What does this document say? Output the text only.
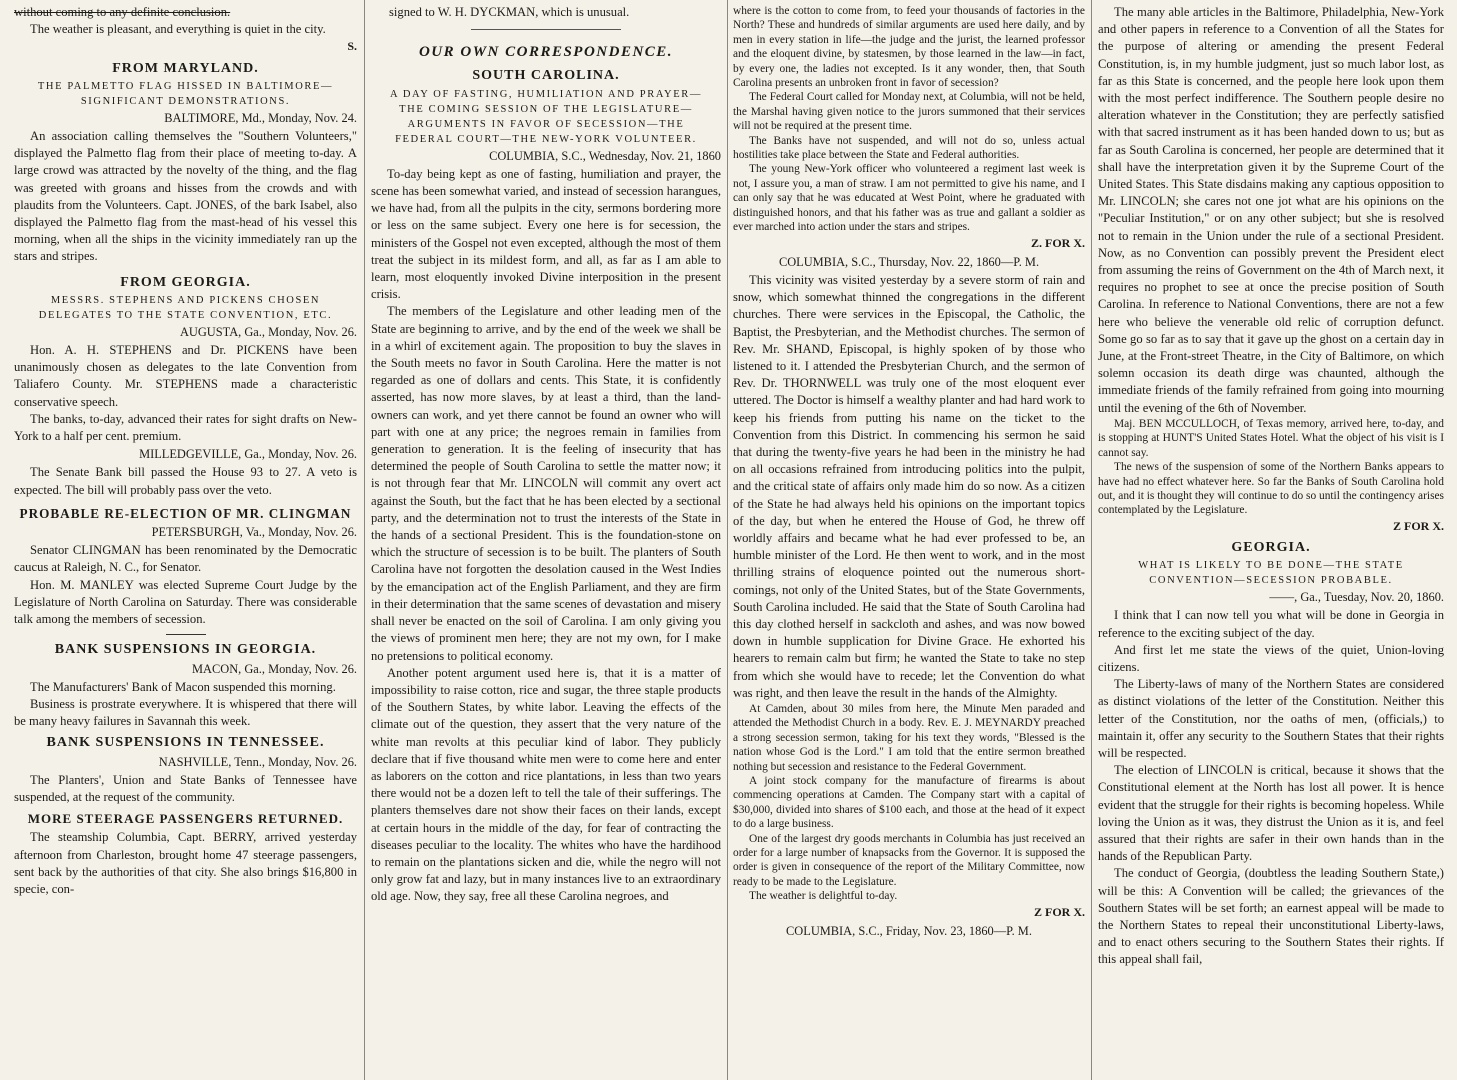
without coming to any definite conclusion.

The weather is pleasant, and everything is quiet in the city.

S.
FROM MARYLAND.
THE PALMETTO FLAG HISSED IN BALTIMORE—SIGNIFICANT DEMONSTRATIONS.
BALTIMORE, Md., Monday, Nov. 24.

An association calling themselves the "Southern Volunteers," displayed the Palmetto flag from their place of meeting to-day. A large crowd was attracted by the novelty of the thing, and the flag was greeted with groans and hisses from the crowds and with plaudits from the Volunteers. Capt. JONES, of the bark Isabel, also displayed the Palmetto flag from the mast-head of his vessel this morning, when all the ships in the vicinity immediately ran up the stars and stripes.

FROM GEORGIA.
MESSRS. STEPHENS AND PICKENS CHOSEN DELEGATES TO THE STATE CONVENTION, ETC.
AUGUSTA, Ga., Monday, Nov. 26.

Hon. A. H. STEPHENS and Dr. PICKENS have been unanimously chosen as delegates to the late Convention from Taliafero County. Mr. STEPHENS made a characteristic conservative speech.

The banks, to-day, advanced their rates for sight drafts on New-York to a half per cent. premium.

MILLEDGEVILLE, Ga., Monday, Nov. 26.

The Senate Bank bill passed the House 93 to 27. A veto is expected. The bill will probably pass over the veto.

PROBABLE RE-ELECTION OF MR. CLINGMAN
PETERSBURGH, Va., Monday, Nov. 26.

Senator CLINGMAN has been renominated by the Democratic caucus at Raleigh, N. C., for Senator.

Hon. M. MANLEY was elected Supreme Court Judge by the Legislature of North Carolina on Saturday. There was considerable talk among the members of secession.

BANK SUSPENSIONS IN GEORGIA.
MACON, Ga., Monday, Nov. 26.

The Manufacturers' Bank of Macon suspended this morning.

Business is prostrate everywhere. It is whispered that there will be many heavy failures in Savannah this week.

BANK SUSPENSIONS IN TENNESSEE.
NASHVILLE, Tenn., Monday, Nov. 26.

The Planters', Union and State Banks of Tennessee have suspended, at the request of the community.

MORE STEERAGE PASSENGERS RETURNED.

The steamship Columbia, Capt. BERRY, arrived yesterday afternoon from Charleston, brought home 47 steerage passengers, sent back by the authorities of that city. She also brings $16,800 in specie, con-

signed to W. H. DYCKMAN, which is unusual.

OUR OWN CORRESPONDENCE.
SOUTH CAROLINA.
A DAY OF FASTING, HUMILIATION AND PRAYER—THE COMING SESSION OF THE LEGISLATURE—ARGUMENTS IN FAVOR OF SECESSION—THE FEDERAL COURT—THE NEW-YORK VOLUNTEER.
COLUMBIA, S.C., Wednesday, Nov. 21, 1860

To-day being kept as one of fasting, humiliation and prayer, the scene has been somewhat varied, and instead of secession harangues, we have had, from all the pulpits in the city, sermons bordering more or less on the same subject. Every one here is for secession, the ministers of the Gospel not even excepted, although the most of them treat the subject in its mildest form, and all, as far as I am able to learn, most eloquently invoked Divine interposition in the present crisis.

The members of the Legislature and other leading men of the State are beginning to arrive, and by the end of the week we shall be in a whirl of excitement again. The proposition to buy the slaves in the South meets no favor in South Carolina. Here the matter is not regarded as one of dollars and cents. This State, it is confidently asserted, has now more slaves, by at least a third, than the land-owners can work, and yet there cannot be found an owner who will part with one at any price; the negroes remain in families from generation to generation. It is the feeling of insecurity that has determined the people of South Carolina to settle the matter now; it is not through fear that Mr. LINCOLN will commit any overt act against the South, but the fact that he has been elected by a sectional party, and the determination not to trust the interests of the State in the hands of a sectional President. This is the foundation-stone on which the structure of secession is to be built. The planters of South Carolina have not forgotten the desolation caused in the West Indies by the emancipation act of the English Parliament, and they are firm in their determination that the same scenes of devastation and misery shall never be enacted on the soil of Carolina. I am only giving you the views of prominent men here; they are not my own, for I make no pretensions to political economy.

Another potent argument used here is, that it is a matter of impossibility to raise cotton, rice and sugar, the three staple products of the Southern States, by white labor. Leaving the effects of the climate out of the question, they assert that the very nature of the white man revolts at this peculiar kind of labor. They publicly declare that if five thousand white men were to come here and enter as laborers on the cotton and rice plantations, in less than two years there would not be a dozen left to tell the tale of their sufferings. The planters themselves dare not show their faces on their lands, except at certain hours in the middle of the day, for fear of contracting the diseases peculiar to the locality. The whites who have the hardihood to remain on the plantations sicken and die, while the negro will not only grow fat and lazy, but in many instances live to an extraordinary old age. Now, they say, free all these Carolina negroes, and

where is the cotton to come from, to feed your thousands of factories in the North? These and hundreds of similar arguments are used here daily, and by men in every station in life—the judge and the jurist, the learned professor and the eloquent divine, by statesmen, by those learned in the law—in fact, by every one, the ladies not excepted. Is it any wonder, then, that South Carolina presents an unbroken front in favor of secession?

The Federal Court called for Monday next, at Columbia, will not be held, the Marshal having given notice to the jurors summoned that their services will not be required at the present time.

The Banks have not suspended, and will not do so, unless actual hostilities take place between the State and Federal authorities.

The young New-York officer who volunteered a regiment last week is not, I assure you, a man of straw. I am not permitted to give his name, and I can only say that he was educated at West Point, where he graduated with distinguished honors, and that his father was as true and gallant a soldier as ever marched into action under the stars and stripes.

Z. FOR X.
COLUMBIA, S.C., Thursday, Nov. 22, 1860—P. M.

This vicinity was visited yesterday by a severe storm of rain and snow, which somewhat thinned the congregations in the different churches. There were services in the Episcopal, the Catholic, the Baptist, the Presbyterian, and the Methodist churches. The sermon of Rev. Mr. SHAND, Episcopal, is highly spoken of by those who listened to it. I attended the Presbyterian Church, and the sermon of Rev. Dr. THORNWELL was truly one of the most eloquent ever uttered. The Doctor is himself a wealthy planter and had hard work to keep his friends from putting his name on the ticket to the Convention from this District. In commencing his sermon he said that during the twenty-five years he had been in the ministry he had on all occasions refrained from introducing politics into the pulpit, and the critical state of affairs only made him do so now. As a citizen of the State he had always held his opinions on the important topics of the day, but when he entered the House of God, he threw off worldly affairs and became what he had ever professed to be, an humble minister of the Lord. He then went to work, and in the most thrilling strains of eloquence pointed out the numerous short-comings, not only of the United States, but of the State Governments, South Carolina included. He said that the State of South Carolina had this day clothed herself in sackcloth and ashes, and was now bowed down in humble supplication for Divine Grace. He exhorted his hearers to remain calm but firm; he wanted the State to take no step from which she would have to recede; let the Convention do what was right, and then leave the result in the hands of the Almighty.

At Camden, about 30 miles from here, the Minute Men paraded and attended the Methodist Church in a body. Rev. E. J. MEYNARDY preached a strong secession sermon, taking for his text they words, "Blessed is the nation whose God is the Lord." I am told that the entire sermon breathed nothing but secession and resistance to the Federal Government.

A joint stock company for the manufacture of firearms is about commencing operations at Camden. The Company start with a capital of $30,000, divided into shares of $100 each, and those at the head of it expect to do a large business.

One of the largest dry goods merchants in Columbia has just received an order for a large number of knapsacks from the Governor. It is supposed the order is given in consequence of the report of the Military Committee, now ready to be made to the Legislature.

The weather is delightful to-day.

Z FOR X.
COLUMBIA, S.C., Friday, Nov. 23, 1860—P. M.

The many able articles in the Baltimore, Philadelphia, New-York and other papers in reference to a Convention of all the States for the purpose of altering or amending the present Federal Constitution, is, in my humble judgment, just so much labor lost, as far as this State is concerned, and the people here look upon them with the most perfect indifference. The Southern people desire no alteration whatever in the Constitution; they are perfectly satisfied with that sacred instrument as it has been handed down to us; but as far as South Carolina is concerned, her people are determined that it shall have the interpretation given it by the Supreme Court of the United States. This State disdains making any captious opposition to Mr. LINCOLN; she cares not one jot what are his opinions on the "Peculiar Institution," or on any other subject; but she is resolved not to remain in the Union under the rule of a sectional President. Now, as no Convention can possibly prevent the President elect from assuming the reins of Government on the 4th of March next, it requires no prophet to see at once the precise position of South Carolina. In reference to National Conventions, there are not a few here who believe the venerable old relic of corruption defunct. Some go so far as to say that it gave up the ghost on a certain day in June, at the Front-street Theatre, in the City of Baltimore, on which solemn occasion its death dirge was chaunted, although the immediate friends of the family refrained from going into mourning until the evening of the 6th of November.

Maj. BEN MCCULLOCH, of Texas memory, arrived here, to-day, and is stopping at HUNT'S United States Hotel. What the object of his visit is I cannot say.

The news of the suspension of some of the Northern Banks appears to have had no effect whatever here. So far the Banks of South Carolina hold out, and it is thought they will continue to do so until the contingency arises contemplated by the Legislature.

Z FOR X.
GEORGIA.
WHAT IS LIKELY TO BE DONE—THE STATE CONVENTION—SECESSION PROBABLE.
——, Ga., Tuesday, Nov. 20, 1860.

I think that I can now tell you what will be done in Georgia in reference to the exciting subject of the day.

And first let me state the views of the quiet, Union-loving citizens.

The Liberty-laws of many of the Northern States are considered as distinct violations of the letter of the Constitution. Neither this letter of the Constitution, nor the oaths of men, (officials,) to maintain it, offer any security to the Southern States that their rights will be respected.

The election of LINCOLN is critical, because it shows that the Constitutional element at the North has lost all power. It is hence evident that the struggle for their rights is becoming hopeless. While loving the Union as it was, they distrust the Union as it is, and feel assured that their rights are safer in their own hands than in the hands of the Republican Party.

The conduct of Georgia, (doubtless the leading Southern State,) will be this: A Convention will be called; the grievances of the Southern States will be set forth; an earnest appeal will be made to the Northern States to repeal their unconstitutional Liberty-laws, and to enact others securing to the Southern States their rights. If this appeal shall fail,
